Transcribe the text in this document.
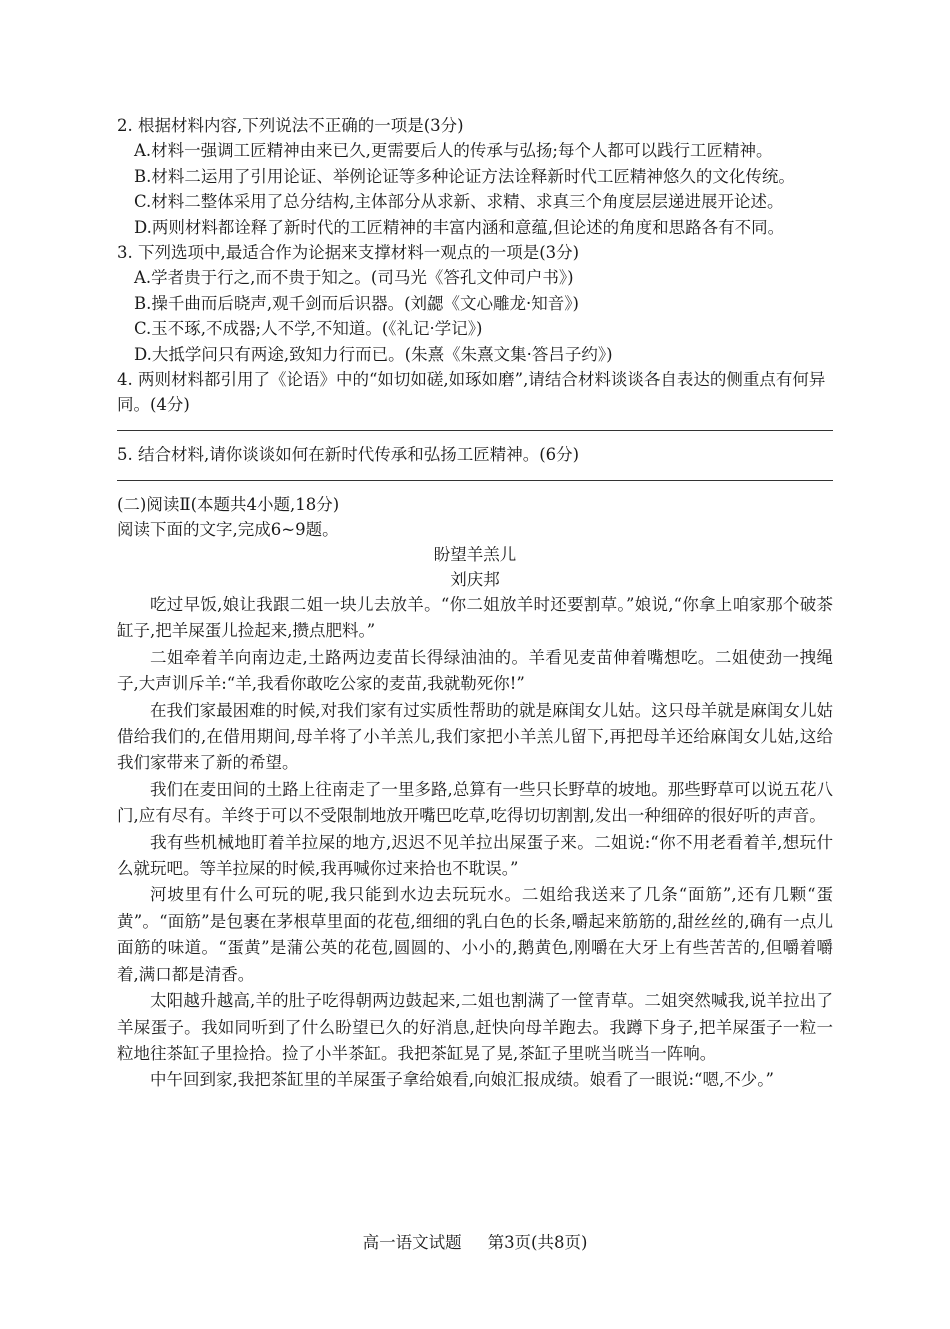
2. 根据材料内容,下列说法不正确的一项是(3分)

A.材料一强调工匠精神由来已久,更需要后人的传承与弘扬;每个人都可以践行工匠精神。

B.材料二运用了引用论证、举例论证等多种论证方法诠释新时代工匠精神悠久的文化传统。

C.材料二整体采用了总分结构,主体部分从求新、求精、求真三个角度层层递进展开论述。

D.两则材料都诠释了新时代的工匠精神的丰富内涵和意蕴,但论述的角度和思路各有不同。

3. 下列选项中,最适合作为论据来支撑材料一观点的一项是(3分)

A.学者贵于行之,而不贵于知之。(司马光《答孔文仲司户书》)

B.操千曲而后晓声,观千剑而后识器。(刘勰《文心雕龙·知音》)

C.玉不琢,不成器;人不学,不知道。(《礼记·学记》)

D.大抵学问只有两途,致知力行而已。(朱熹《朱熹文集·答吕子约》)

4. 两则材料都引用了《论语》中的“如切如磋,如琢如磨”,请结合材料谈谈各自表达的侧重点有何异同。(4分)

5. 结合材料,请你谈谈如何在新时代传承和弘扬工匠精神。(6分)

(二)阅读Ⅱ(本题共4小题,18分)

阅读下面的文字,完成6~9题。

盼望羊羔儿

刘庆邦

吃过早饭,娘让我跟二姐一块儿去放羊。“你二姐放羊时还要割草。”娘说,“你拿上咱家那个破茶缸子,把羊屎蛋儿捡起来,攒点肥料。”

二姐牵着羊向南边走,土路两边麦苗长得绿油油的。羊看见麦苗伸着嘴想吃。二姐使劲一拽绳子,大声训斥羊:“羊,我看你敢吃公家的麦苗,我就勒死你!”

在我们家最困难的时候,对我们家有过实质性帮助的就是麻闺女儿姑。这只母羊就是麻闺女儿姑借给我们的,在借用期间,母羊将了小羊羔儿,我们家把小羊羔儿留下,再把母羊还给麻闺女儿姑,这给我们家带来了新的希望。

我们在麦田间的土路上往南走了一里多路,总算有一些只长野草的坡地。那些野草可以说五花八门,应有尽有。羊终于可以不受限制地放开嘴巴吃草,吃得切切割割,发出一种细碎的很好听的声音。

我有些机械地盯着羊拉屎的地方,迟迟不见羊拉出屎蛋子来。二姐说:“你不用老看着羊,想玩什么就玩吧。等羊拉屎的时候,我再喊你过来拾也不耽误。”

河坡里有什么可玩的呢,我只能到水边去玩玩水。二姐给我送来了几条“面筋”,还有几颗“蛋黄”。“面筋”是包裹在茅根草里面的花苞,细细的乳白色的长条,嚼起来筋筋的,甜丝丝的,确有一点儿面筋的味道。“蛋黄”是蒲公英的花苞,圆圆的、小小的,鹅黄色,刚嚼在大牙上有些苦苦的,但嚼着嚼着,满口都是清香。

太阳越升越高,羊的肚子吃得朝两边鼓起来,二姐也割满了一筐青草。二姐突然喊我,说羊拉出了羊屎蛋子。我如同听到了什么盼望已久的好消息,赶快向母羊跑去。我蹲下身子,把羊屎蛋子一粒一粒地往茶缸子里捡拾。捡了小半茶缸。我把茶缸晃了晃,茶缸子里咣当咣当一阵响。

中午回到家,我把茶缸里的羊屎蛋子拿给娘看,向娘汇报成绩。娘看了一眼说:“嗯,不少。”

高一语文试题 第3页(共8页)
